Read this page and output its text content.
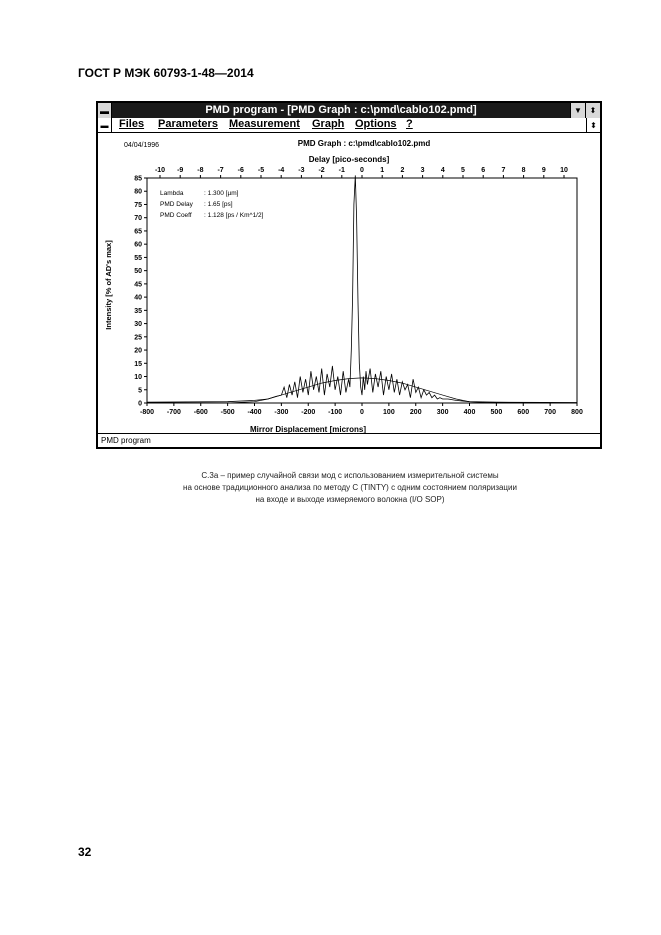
ГОСТ Р МЭК 60793-1-48—2014
▬	PMD program - [PMD Graph : c:\pmd\cablo102.pmd]	▼ ⬍
▬ Files Parameters Measurement Graph Options ?	⬍
04/04/1996	PMD Graph : c:\pmd\cablo102.pmd
Delay [pico-seconds]
Mirror Displacement [microns]
Intensity [% of AD's max]
Lambda	: 1.300 [µm]
PMD Delay : 1.65 [ps]
PMD Coeff : 1.128 [ps / Km^1/2]
-800 -700 -600 -500 -400 -300 -200 -100	0	100 200 300 400 500 600 700 800
-10 -9 -8 -7 -6 -5 -4 -3 -2 -1 0 1 2 3 4 5 6 7 8 9 10
0
5
10
15
20
25
30
35
40
45
50
55
60
65
70
75
80
85
PMD program
С.3а – пример случайной связи мод с использованием измерительной системы
на основе традиционного анализа по методу С (TINTY) с одним состоянием поляризации
на входе и выходе измеряемого волокна (I/O SOP)
32
